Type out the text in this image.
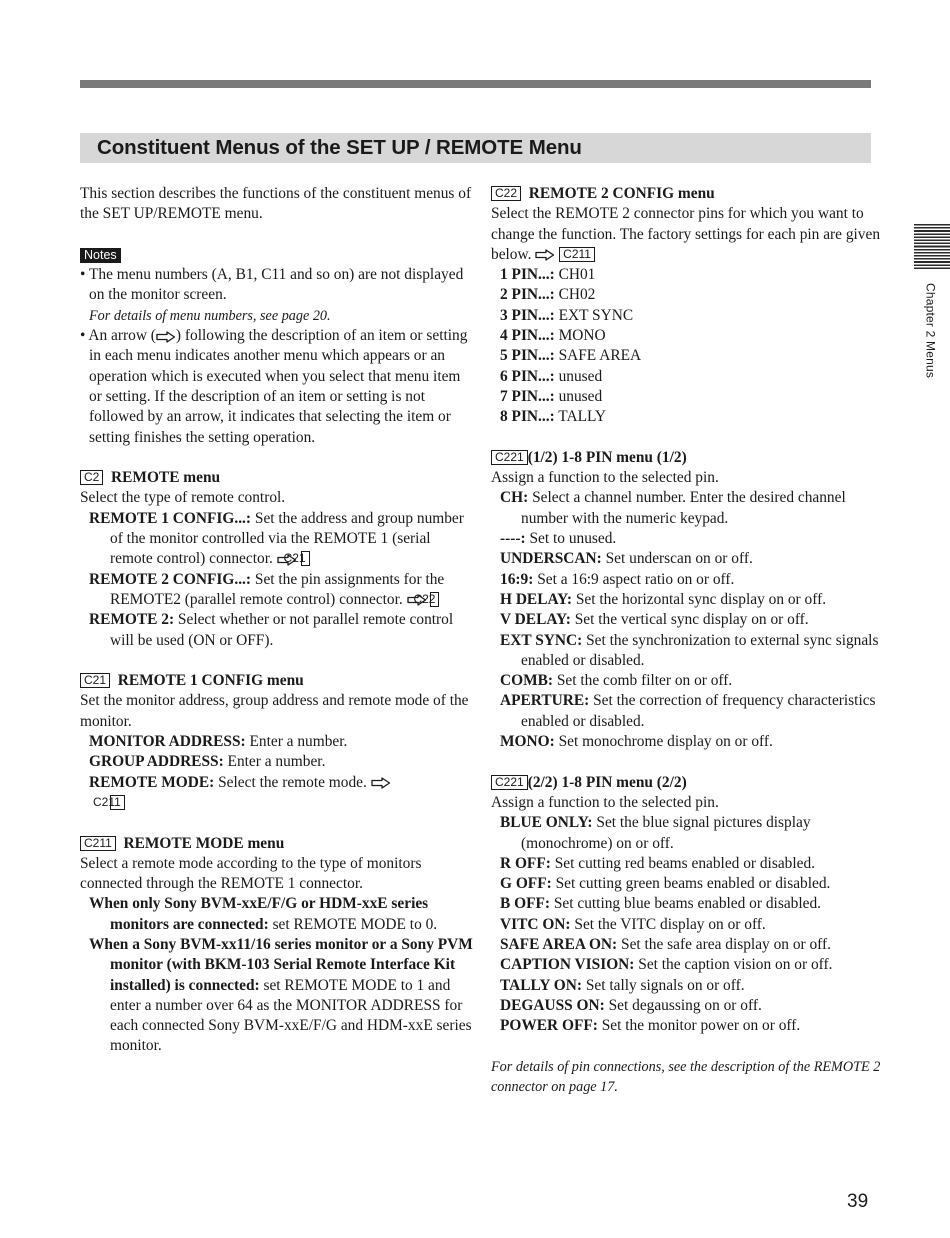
Constituent Menus of the SET UP / REMOTE Menu

This section describes the functions of the constituent menus of the SET UP/REMOTE menu.

Notes

• The menu numbers (A, B1, C11 and so on) are not displayed on the monitor screen.

For details of menu numbers, see page 20.

• An arrow ( ) following the description of an item or setting in each menu indicates another menu which appears or an operation which is executed when you select that menu item or setting. If the description of an item or setting is not followed by an arrow, it indicates that selecting the item or setting finishes the setting operation.

C2 REMOTE menu

Select the type of remote control.

REMOTE 1 CONFIG...: Set the address and group number of the monitor controlled via the REMOTE 1 (serial remote control) connector.  C21

REMOTE 2 CONFIG...: Set the pin assignments for the REMOTE2 (parallel remote control) connector.  C22

REMOTE 2: Select whether or not parallel remote control will be used (ON or OFF).

C21 REMOTE 1 CONFIG menu

Set the monitor address, group address and remote mode of the monitor.

MONITOR ADDRESS: Enter a number.

GROUP ADDRESS: Enter a number.

REMOTE MODE: Select the remote mode.
C211

C211 REMOTE MODE menu

Select a remote mode according to the type of monitors connected through the REMOTE 1 connector.

When only Sony BVM-xxE/F/G or HDM-xxE series monitors are connected: set REMOTE MODE to 0.

When a Sony BVM-xx11/16 series monitor or a Sony PVM monitor (with BKM-103 Serial Remote Interface Kit installed) is connected: set REMOTE MODE to 1 and enter a number over 64 as the MONITOR ADDRESS for each connected Sony BVM-xxE/F/G and HDM-xxE series monitor.

C22 REMOTE 2 CONFIG menu

Select the REMOTE 2 connector pins for which you want to change the function. The factory settings for each pin are given below.  C211

1 PIN...: CH01

2 PIN...: CH02

3 PIN...: EXT SYNC

4 PIN...: MONO

5 PIN...: SAFE AREA

6 PIN...: unused

7 PIN...: unused

8 PIN...: TALLY

C221 (1/2) 1-8 PIN menu (1/2)

Assign a function to the selected pin.

CH: Select a channel number. Enter the desired channel number with the numeric keypad.

----: Set to unused.

UNDERSCAN: Set underscan on or off.

16:9: Set a 16:9 aspect ratio on or off.

H DELAY: Set the horizontal sync display on or off.

V DELAY: Set the vertical sync display on or off.

EXT SYNC: Set the synchronization to external sync signals enabled or disabled.

COMB: Set the comb filter on or off.

APERTURE: Set the correction of frequency characteristics enabled or disabled.

MONO: Set monochrome display on or off.

C221 (2/2) 1-8 PIN menu (2/2)

Assign a function to the selected pin.

BLUE ONLY: Set the blue signal pictures display (monochrome) on or off.

R OFF: Set cutting red beams enabled or disabled.

G OFF: Set cutting green beams enabled or disabled.

B OFF: Set cutting blue beams enabled or disabled.

VITC ON: Set the VITC display on or off.

SAFE AREA ON: Set the safe area display on or off.

CAPTION VISION: Set the caption vision on or off.

TALLY ON: Set tally signals on or off.

DEGAUSS ON: Set degaussing on or off.

POWER OFF: Set the monitor power on or off.

For details of pin connections, see the description of the REMOTE 2 connector on page 17.

Chapter 2 Menus
39
